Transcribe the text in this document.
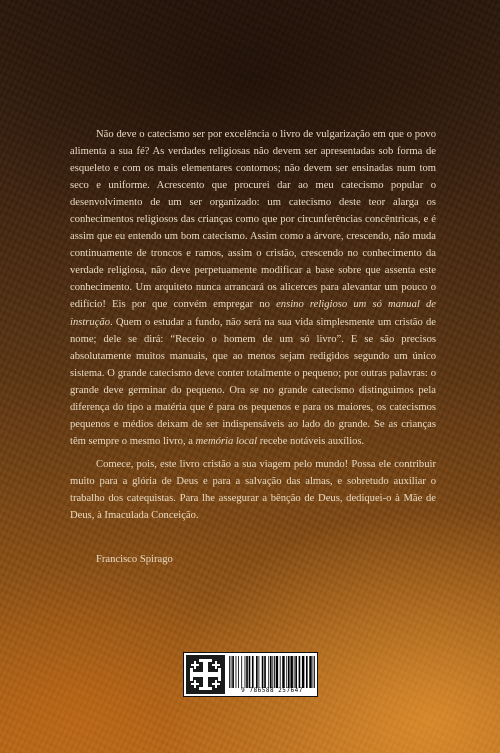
Não deve o catecismo ser por excelência o livro de vulgarização em que o povo alimenta a sua fé? As verdades religiosas não devem ser apresentadas sob forma de esqueleto e com os mais elementares contornos; não devem ser ensinadas num tom seco e uniforme. Acrescento que procurei dar ao meu catecismo popular o desenvolvimento de um ser organizado: um catecismo deste teor alarga os conhecimentos religiosos das crianças como que por circunferências concêntricas, e é assim que eu entendo um bom catecismo. Assim como a árvore, crescendo, não muda continuamente de troncos e ramos, assim o cristão, crescendo no conhecimento da verdade religiosa, não deve perpetuamente modificar a base sobre que assenta este conhecimento. Um arquiteto nunca arrancará os alicerces para alevantar um pouco o edifício! Eis por que convém empregar no ensino religioso um só manual de instrução. Quem o estudar a fundo, não será na sua vida simplesmente um cristão de nome; dele se dirá: “Receio o homem de um só livro”. E se são precisos absolutamente muitos manuais, que ao menos sejam redigidos segundo um único sistema. O grande catecismo deve conter totalmente o pequeno; por outras palavras: o grande deve germinar do pequeno. Ora se no grande catecismo distinguimos pela diferença do tipo a matéria que é para os pequenos e para os maiores, os catecismos pequenos e médios deixam de ser indispensáveis ao lado do grande. Se as crianças têm sempre o mesmo livro, a memória local recebe notáveis auxílios.

Comece, pois, este livro cristão a sua viagem pelo mundo! Possa ele contribuir muito para a glória de Deus e para a salvação das almas, e sobretudo auxiliar o trabalho dos catequistas. Para lhe assegurar a bênção de Deus, dediquei-o à Mãe de Deus, à Imaculada Conceição.

Francisco Spirago
9 786588 257647
